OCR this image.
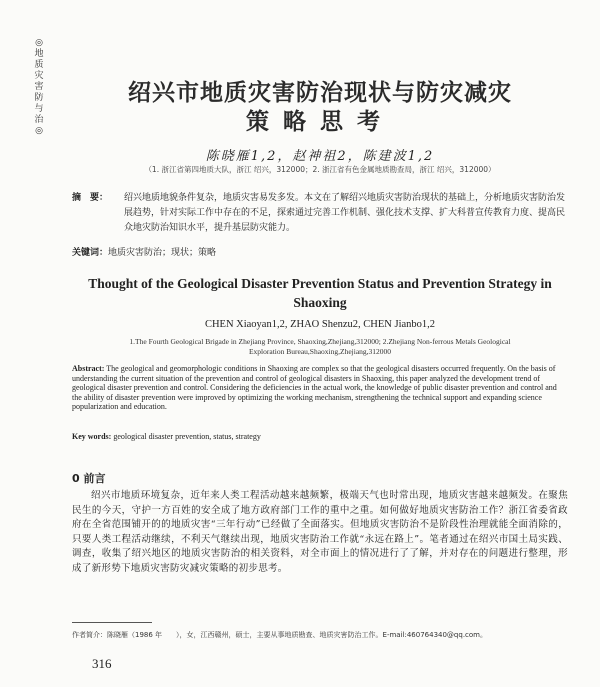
◎地质灾害防与治◎
绍兴市地质灾害防治现状与防灾减灾
策略思考
陈晓雁1,2，赵神祖2，陈建波1,2
（1. 浙江省第四地质大队，浙江 绍兴，312000；2. 浙江省有色金属地质勘查局，浙江 绍兴，312000）
摘　要： 绍兴地质地貌条件复杂，地质灾害易发多发。本文在了解绍兴地质灾害防治现状的基础上，分析地质灾害防治发展趋势，针对实际工作中存在的不足，探索通过完善工作机制、强化技术支撑、扩大科普宣传教育力度、提高民众地灾防治知识水平，提升基层防灾能力。
关键词：地质灾害防治；现状；策略
Thought of the Geological Disaster Prevention Status and Prevention Strategy in Shaoxing
CHEN Xiaoyan1,2, ZHAO Shenzu2, CHEN Jianbo1,2
1.The Fourth Geological Brigade in Zhejiang Province, Shaoxing,Zhejiang,312000; 2.Zhejiang Non-ferrous Metals Geological Exploration Bureau,Shaoxing,Zhejiang,312000
Abstract: The geological and geomorphologic conditions in Shaoxing are complex so that the geological disasters occurred frequently. On the basis of understanding the current situation of the prevention and control of geological disasters in Shaoxing, this paper analyzed the development trend of geological disaster prevention and control. Considering the deficiencies in the actual work, the knowledge of public disaster prevention and control and the ability of disaster prevention were improved by optimizing the working mechanism, strengthening the technical support and expanding science popularization and education.
Key words: geological disaster prevention, status, strategy
0 前言
绍兴市地质环境复杂，近年来人类工程活动越来越频繁，极端天气也时常出现，地质灾害越来越频发。在聚焦民生的今天，守护一方百姓的安全成了地方政府部门工作的重中之重。如何做好地质灾害防治工作？浙江省委省政府在全省范围铺开的的地质灾害“三年行动”已经做了全面落实。但地质灾害防治不是阶段性治理就能全面消除的，只要人类工程活动继续，不利天气继续出现，地质灾害防治工作就“永远在路上”。笔者通过在绍兴市国土局实践、调查，收集了绍兴地区的地质灾害防治的相关资料，对全市面上的情况进行了了解，并对存在的问题进行整理，形成了新形势下地质灾害防灾减灾策略的初步思考。
作者简介：陈晓雁（1986 年　　），女，江西赣州，硕士，主要从事地质勘查、地质灾害防治工作。E-mail:460764340@qq.com。
316
